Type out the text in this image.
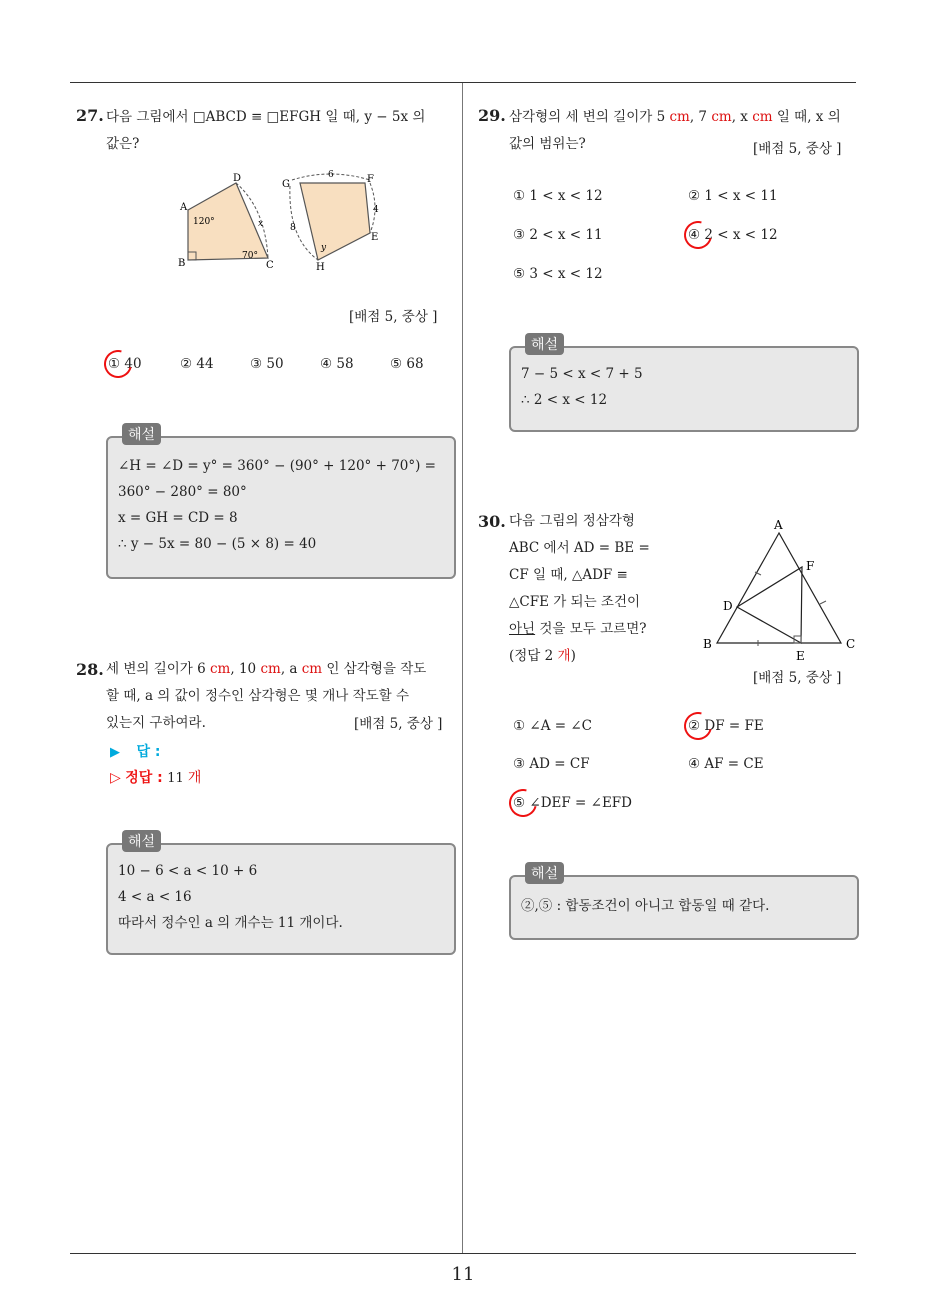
11
27. 다음 그림에서 □ABCD ≡ □EFGH 일 때, y − 5x 의
값은?
A
B	C
D
E
F
G
H
120°
70°
x	8
6
4
y
[배점 5, 중상 ]
① 40	② 44	③ 50	④ 58	⑤ 68
해설
∠H = ∠D = y° = 360° − (90° + 120° + 70°) =
360° − 280° = 80°
x = GH = CD = 8
∴ y − 5x = 80 − (5 × 8) = 40
28. 세 변의 길이가 6 cm, 10 cm, a cm 인 삼각형을 작도
할 때, a 의 값이 정수인 삼각형은 몇 개나 작도할 수
있는지 구하여라.	[배점 5, 중상 ]
▶ 답 :
▷ 정답 : 11 개
해설
10 − 6 < a < 10 + 6
4 < a < 16
따라서 정수인 a 의 개수는 11 개이다.
29. 삼각형의 세 변의 길이가 5 cm, 7 cm, x cm 일 때, x 의
값의 범위는?	[배점 5, 중상 ]
① 1 < x < 12	② 1 < x < 11
③ 2 < x < 11	④ 2 < x < 12
⑤ 3 < x < 12
해설
7 − 5 < x < 7 + 5
∴ 2 < x < 12
30. 다음 그림의 정삼각형
ABC 에서 AD = BE =
CF 일 때, △ADF ≡
△CFE 가 되는 조건이
아닌 것을 모두 고르면?
(정답 2 개)
A
B	C
D
E
F
[배점 5, 중상 ]
① ∠A = ∠C	② DF = FE
③ AD = CF	④ AF = CE
⑤ ∠DEF = ∠EFD
해설
②,⑤ : 합동조건이 아니고 합동일 때 같다.
